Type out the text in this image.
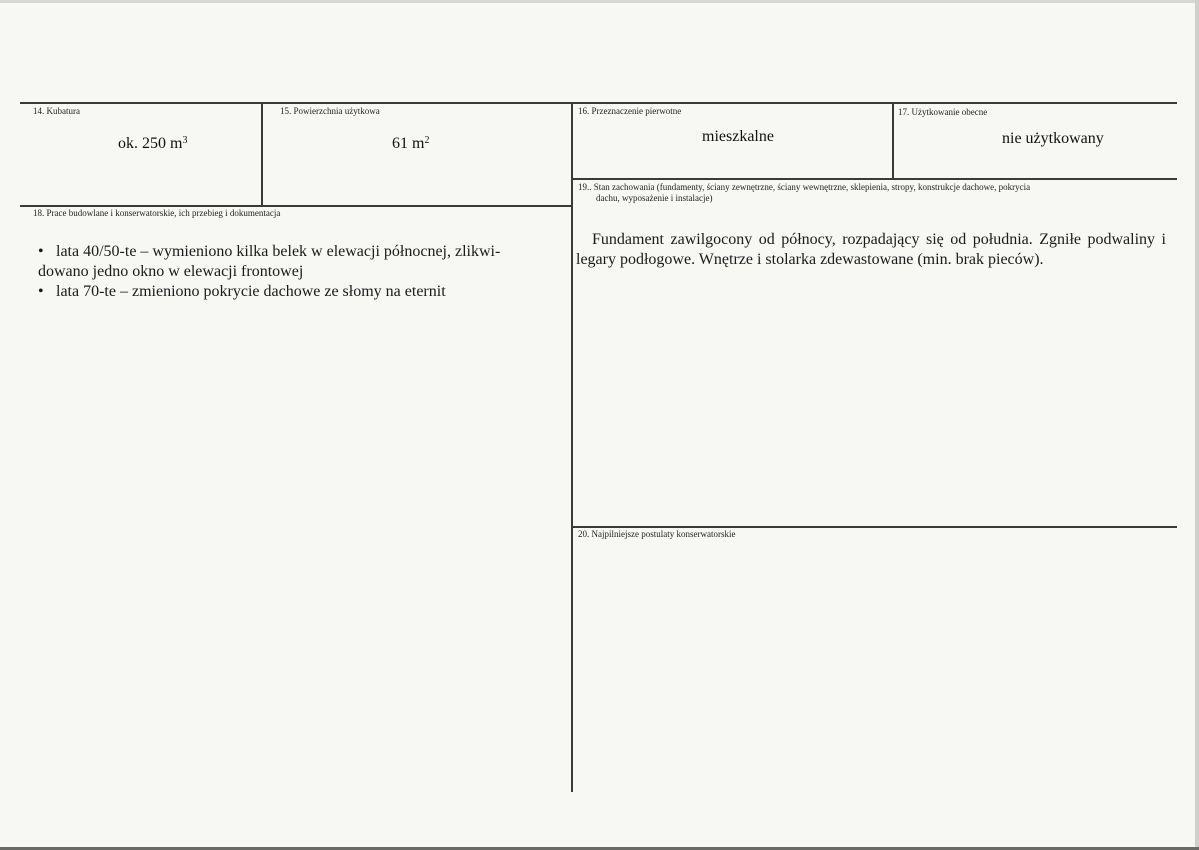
14. Kubatura
ok. 250 $m^3$
15. Powierzchnia użytkowa
61 $m^2$
16. Przeznaczenie pierwotne
mieszkalne
17. Użytkowanie obecne
nie użytkowany
18. Prace budowlane i konserwatorskie, ich przebieg i dokumentacja
• lata 40/50-te – wymieniono kilka belek w elewacji północnej, zlikwi-dowano jedno okno w elewacji frontowej
• lata 70-te – zmieniono pokrycie dachowe ze słomy na eternit
19.. Stan zachowania (fundamenty, ściany zewnętrzne, ściany wewnętrzne, sklepienia, stropy, konstrukcje dachowe, pokrycia
dachu, wyposażenie i instalacje)

Fundament zawilgocony od północy, rozpadający się od południa. Zgniłe podwaliny i legary podłogowe. Wnętrze i stolarka zdewastowane (min. brak pieców).

20. Najpilniejsze postulaty konserwatorskie
